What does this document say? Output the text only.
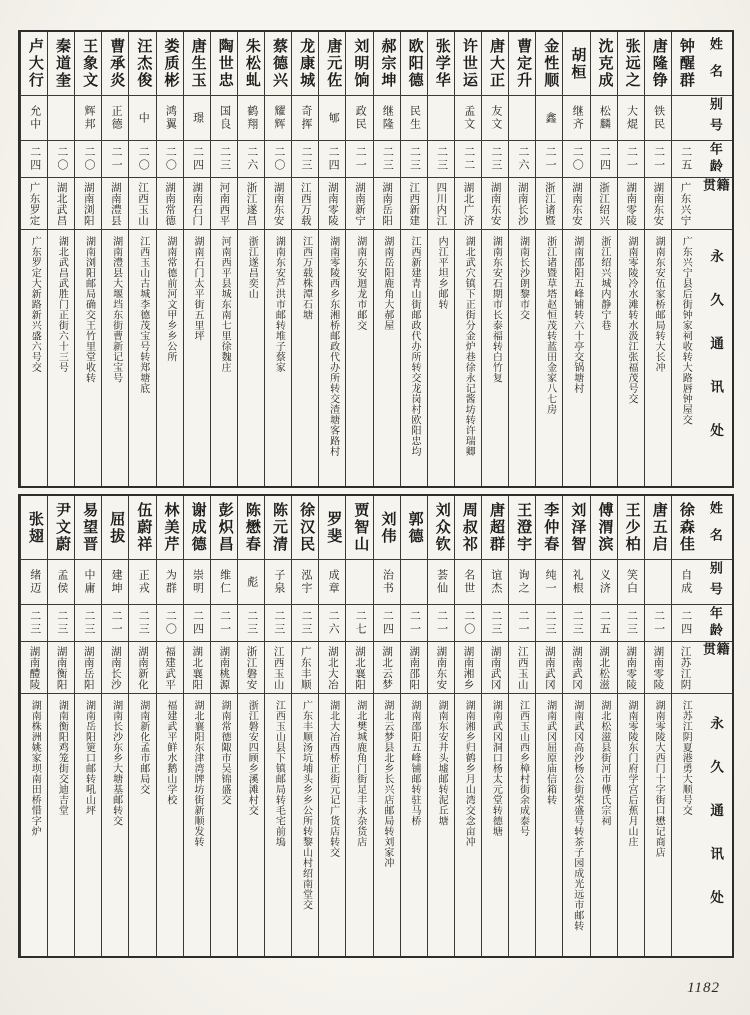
姓名
别号
年龄
籍贯
永久通讯处
钟醒群
二五
广东兴宁
广东兴宁县后街钟家祠收转大路唇钟屋交
唐隆铮
铁民
二一
湖南东安
湖南东安伍家桥邮局转大长冲
张远之
大焜
二一
湖南零陵
湖南零陵冷水滩转水汲江张福茂号交
沈克成
松麟
二四
浙江绍兴
浙江绍兴城内静宁巷
胡桓
继齐
二〇
湖南东安
湖南邵阳五峰铺转六十亭交锅塘村
金性顺
鑫
二一
浙江诸暨
浙江诸暨草塔赵恒茂转蓝田金家八七房
曹定升
二六
湖南长沙
湖南长沙朗黎市交
唐大正
友文
二三
湖南东安
湖南东安石期市长泰福转白竹复
许世运
孟文
二二
湖北广济
湖北武穴镇下正街分金炉巷徐永记酱坊转许瑞卿
张学华
二三
四川内江
内江平坦乡邮转
欧阳德
民生
二三
江西新建
江西新建青山街邮政代办所转交龙岗村欧阳忠均
郝宗坤
继隆
二三
湖南岳阳
湖南岳阳鹿角大郝屋
刘明饷
政民
二一
湖南新宁
湖南东安迴龙市邮交
唐元佐
郇
二四
湖南零陵
湖南零陵西乡东湘桥邮政代办所转交渣塘客路村
龙康城
奇挥
二三
江西万载
江西万载株潭石塘
蔡德兴
耀辉
二〇
湖南东安
湖南东安芦洪市邮转堆子蔡家
朱松虬
鹤翔
二六
浙江遂昌
浙江遂昌奕山
陶世忠
国良
二三
河南西平
河南西平县城东南七里徐魏庄
唐生玉
璟
二四
湖南石门
湖南石门太平街五里坪
娄质彬
鸿翼
二〇
湖南常德
湖南常德前河文甲乡乡公所
汪杰俊
中
二〇
江西玉山
江西玉山古城李德茂宝号转郑塘底
曹承炎
正德
二一
湖南澧县
湖南澧县大堰垱东街曹新记宝号
王象文
辉邦
二〇
湖南浏阳
湖南浏阳邮局确交王竹里堂收转
秦道奎
二〇
湖北武昌
湖北武昌武胜门正街六十三号
卢大行
允中
二四
广东罗定
广东罗定大新路新兴盛六号交
姓名
别号
年龄
籍贯
永久通讯处
徐森佳
自成
二四
江苏江阴
江苏江阴夏港勇大顺号交
唐五启
二一
湖南零陵
湖南零陵大西门十字街口懋记商店
王少柏
笑白
二三
湖南零陵
湖南零陵东门府学宫后蕉月山庄
傅渭滨
义济
二五
湖北松滋
湖北松滋县街河市傅氏宗祠
刘泽智
礼根
二三
湖南武冈
湖南武冈高沙杨公街荣盛号转茶子园成光远市邮转
李仲春
纯一
二三
湖南武冈
湖南武冈屈原庙信箱转
王澄宇
询之
二一
江西玉山
江西玉山西乡樟村街余成泰号
唐超群
谊杰
二三
湖南武冈
湖南武冈洞口杨太元堂转德塘
周叔祁
名世
二〇
湖南湘乡
湖南湘乡归鹤乡月山湾交念亩冲
刘众钦
荟仙
二一
湖南东安
湖南东安井头墟邮转泥丘塘
郭德
二一
湖南邵阳
湖南邵阳五峰铺邮转驻马桥
刘伟
治书
二四
湖北云梦
湖北云梦县北乡长兴店邮局转刘家冲
贾智山
二七
湖北襄阳
湖北樊城鹿角门街足丰永杂货店
罗斐
成章
二六
湖北大冶
湖北大冶西桥正街元记广货店转交
徐汉民
泓宇
二三
广东丰顺
广东丰顺汤坑埔头乡乡公所转黎山村绍南堂交
陈元清
子泉
二三
江西玉山
江西玉山县下镇邮局转毛宅前塢
陈懋春
彪
二三
浙江磐安
浙江磐安四顾乡溪滩村交
彭炽昌
维仁
二一
湖南桃源
湖南常德陬市吴锦盛交
谢成德
崇明
二四
湖北襄阳
湖北襄阳东津湾牌坊街新顺发转
林美芹
为群
二〇
福建武平
福建武平鲜水鹅山学校
伍蔚祥
正戎
二三
湖南新化
湖南新化孟市邮局交
屈拔
建坤
二一
湖南长沙
湖南长沙东乡大塘基邮转交
易望晋
中庸
二三
湖南岳阳
湖南岳阳筻口邮转吼山坪
尹文蔚
孟侯
二三
湖南衡阳
湖南衡阳鸡笼街交迪吉堂
张翅
绪迈
二三
湖南醴陵
湖南株洲姚家坝南田桥惜字炉
1182
